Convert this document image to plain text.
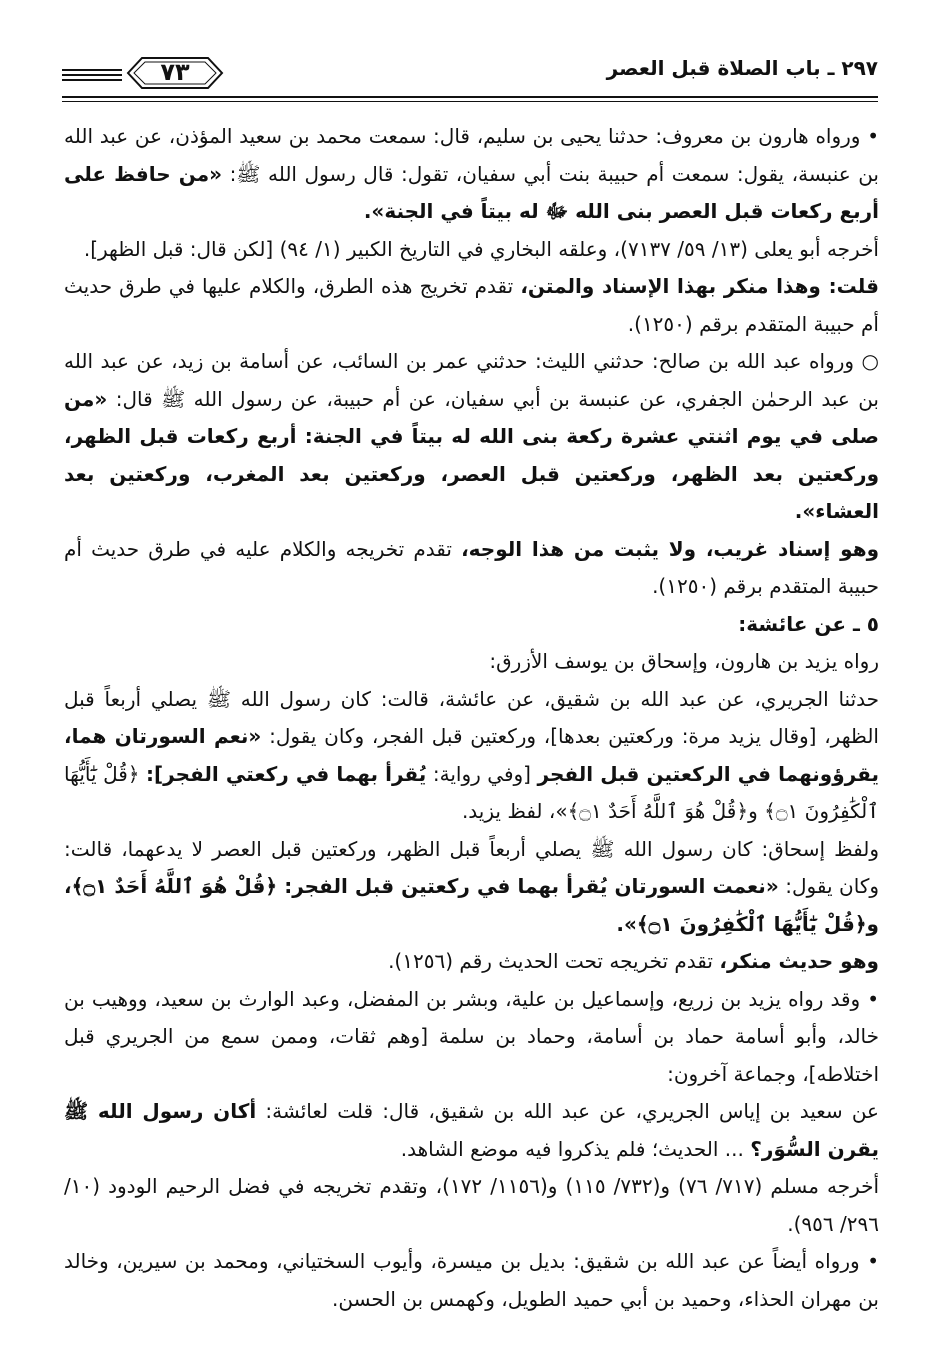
٢٩٧ ـ باب الصلاة قبل العصر
٧٣

• ورواه هارون بن معروف: حدثنا يحيى بن سليم، قال: سمعت محمد بن سعيد المؤذن، عن عبد الله بن عنبسة، يقول: سمعت أم حبيبة بنت أبي سفيان، تقول: قال رسول الله ﷺ: «من حافظ على أربع ركعات قبل العصر بنى الله ﷻ له بيتاً في الجنة».

أخرجه أبو يعلى (١٣/ ٥٩/ ٧١٣٧)، وعلقه البخاري في التاريخ الكبير (١/ ٩٤) [لكن قال: قبل الظهر].

قلت: وهذا منكر بهذا الإسناد والمتن، تقدم تخريج هذه الطرق، والكلام عليها في طرق حديث أم حبيبة المتقدم برقم (١٢٥٠).

○ ورواه عبد الله بن صالح: حدثني الليث: حدثني عمر بن السائب، عن أسامة بن زيد، عن عبد الله بن عبد الرحمٰن الجفري، عن عنبسة بن أبي سفيان، عن أم حبيبة، عن رسول الله ﷺ قال: «من صلى في يوم اثنتي عشرة ركعة بنى الله له بيتاً في الجنة: أربع ركعات قبل الظهر، وركعتين بعد الظهر، وركعتين قبل العصر، وركعتين بعد المغرب، وركعتين بعد العشاء».

وهو إسناد غريب، ولا يثبت من هذا الوجه، تقدم تخريجه والكلام عليه في طرق حديث أم حبيبة المتقدم برقم (١٢٥٠).

٥ ـ عن عائشة:

رواه يزيد بن هارون، وإسحاق بن يوسف الأزرق:

حدثنا الجريري، عن عبد الله بن شقيق، عن عائشة، قالت: كان رسول الله ﷺ يصلي أربعاً قبل الظهر، [وقال يزيد مرة: وركعتين بعدها]، وركعتين قبل الفجر، وكان يقول: «نعم السورتان هما، يقرؤونهما في الركعتين قبل الفجر [وفي رواية: يُقرأ بهما في ركعتي الفجر]: ﴿قُلْ يَٰٓأَيُّهَا ٱلْكَٰفِرُونَ ۝١﴾ و﴿قُلْ هُوَ ٱللَّهُ أَحَدٌ ۝١﴾»، لفظ يزيد.

ولفظ إسحاق: كان رسول الله ﷺ يصلي أربعاً قبل الظهر، وركعتين قبل العصر لا يدعهما، قالت: وكان يقول: «نعمت السورتان يُقرأ بهما في ركعتين قبل الفجر: ﴿قُلْ هُوَ ٱللَّهُ أَحَدٌ ۝١﴾، و﴿قُلْ يَٰٓأَيُّهَا ٱلْكَٰفِرُونَ ۝١﴾».

وهو حديث منكر، تقدم تخريجه تحت الحديث رقم (١٢٥٦).

• وقد رواه يزيد بن زريع، وإسماعيل بن علية، وبشر بن المفضل، وعبد الوارث بن سعيد، ووهيب بن خالد، وأبو أسامة حماد بن أسامة، وحماد بن سلمة [وهم ثقات، وممن سمع من الجريري قبل اختلاطه]، وجماعة آخرون:

عن سعيد بن إياس الجريري، عن عبد الله بن شقيق، قال: قلت لعائشة: أكان رسول الله ﷺ يقرن السُّوَر؟ ... الحديث؛ فلم يذكروا فيه موضع الشاهد.

أخرجه مسلم (٧١٧/ ٧٦) و(٧٣٢/ ١١٥) و(١١٥٦/ ١٧٢)، وتقدم تخريجه في فضل الرحيم الودود (١٠/ ٢٩٦/ ٩٥٦).

• ورواه أيضاً عن عبد الله بن شقيق: بديل بن ميسرة، وأيوب السختياني، ومحمد بن سيرين، وخالد بن مهران الحذاء، وحميد بن أبي حميد الطويل، وكهمس بن الحسن.
